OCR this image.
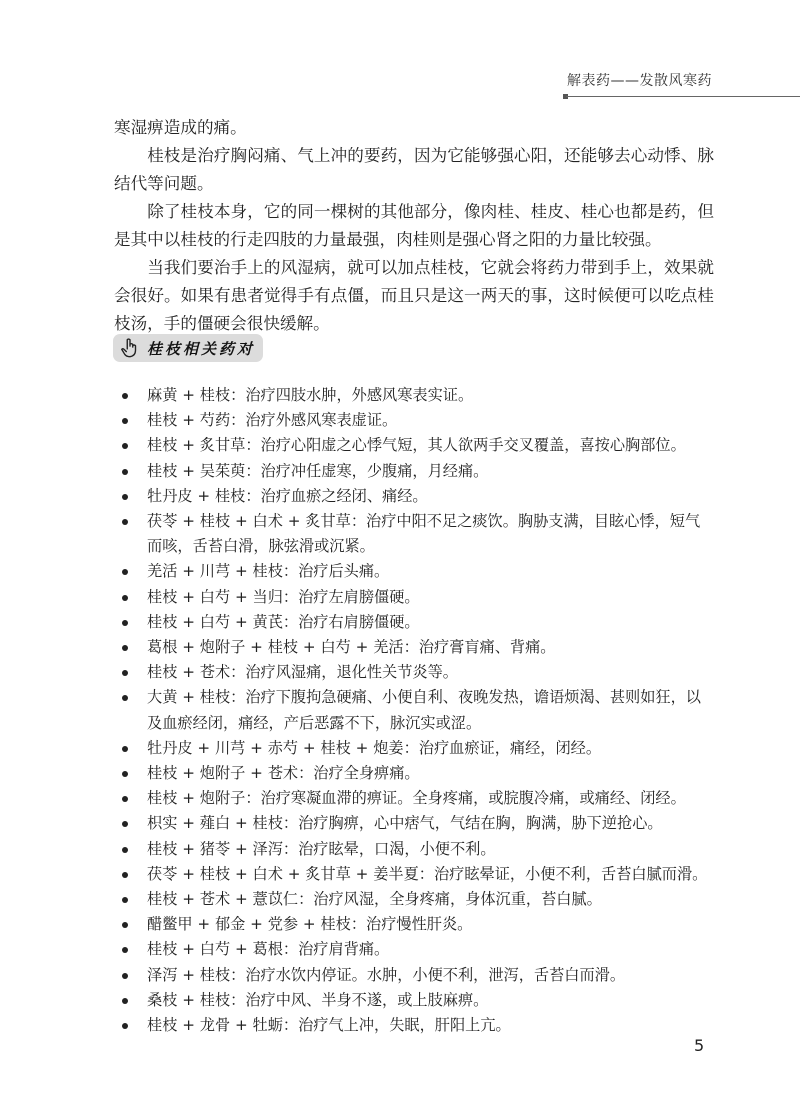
解表药——发散风寒药

寒湿痹造成的痛。

桂枝是治疗胸闷痛、气上冲的要药，因为它能够强心阳，还能够去心动悸、脉结代等问题。

除了桂枝本身，它的同一棵树的其他部分，像肉桂、桂皮、桂心也都是药，但是其中以桂枝的行走四肢的力量最强，肉桂则是强心肾之阳的力量比较强。

当我们要治手上的风湿病，就可以加点桂枝，它就会将药力带到手上，效果就会很好。如果有患者觉得手有点僵，而且只是这一两天的事，这时候便可以吃点桂枝汤，手的僵硬会很快缓解。

桂枝相关药对
麻黄 + 桂枝：治疗四肢水肿，外感风寒表实证。
桂枝 + 芍药：治疗外感风寒表虚证。
桂枝 + 炙甘草：治疗心阳虚之心悸气短，其人欲两手交叉覆盖，喜按心胸部位。
桂枝 + 吴茱萸：治疗冲任虚寒，少腹痛，月经痛。
牡丹皮 + 桂枝：治疗血瘀之经闭、痛经。
茯苓 + 桂枝 + 白术 + 炙甘草：治疗中阳不足之痰饮。胸胁支满，目眩心悸，短气而咳，舌苔白滑，脉弦滑或沉紧。
羌活 + 川芎 + 桂枝：治疗后头痛。
桂枝 + 白芍 + 当归：治疗左肩膀僵硬。
桂枝 + 白芍 + 黄芪：治疗右肩膀僵硬。
葛根 + 炮附子 + 桂枝 + 白芍 + 羌活：治疗膏肓痛、背痛。
桂枝 + 苍术：治疗风湿痛，退化性关节炎等。
大黄 + 桂枝：治疗下腹拘急硬痛、小便自利、夜晚发热，谵语烦渴、甚则如狂，以及血瘀经闭，痛经，产后恶露不下，脉沉实或涩。
牡丹皮 + 川芎 + 赤芍 + 桂枝 + 炮姜：治疗血瘀证，痛经，闭经。
桂枝 + 炮附子 + 苍术：治疗全身痹痛。
桂枝 + 炮附子：治疗寒凝血滞的痹证。全身疼痛，或脘腹冷痛，或痛经、闭经。
枳实 + 薤白 + 桂枝：治疗胸痹，心中痞气，气结在胸，胸满，胁下逆抢心。
桂枝 + 猪苓 + 泽泻：治疗眩晕，口渴，小便不利。
茯苓 + 桂枝 + 白术 + 炙甘草 + 姜半夏：治疗眩晕证，小便不利，舌苔白腻而滑。
桂枝 + 苍术 + 薏苡仁：治疗风湿，全身疼痛，身体沉重，苔白腻。
醋鳖甲 + 郁金 + 党参 + 桂枝：治疗慢性肝炎。
桂枝 + 白芍 + 葛根：治疗肩背痛。
泽泻 + 桂枝：治疗水饮内停证。水肿，小便不利，泄泻，舌苔白而滑。
桑枝 + 桂枝：治疗中风、半身不遂，或上肢麻痹。
桂枝 + 龙骨 + 牡蛎：治疗气上冲，失眠，肝阳上亢。
5
